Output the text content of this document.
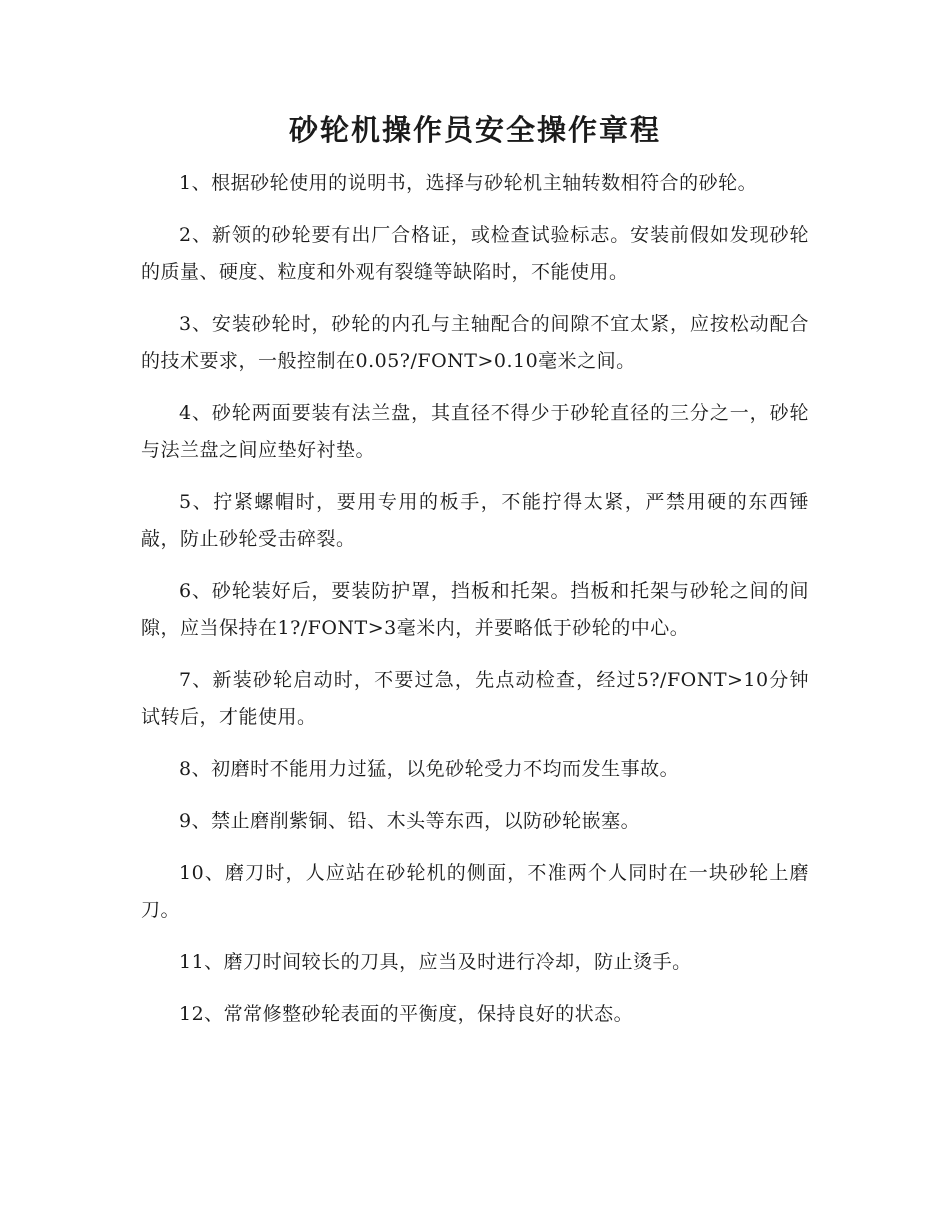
砂轮机操作员安全操作章程

1、根据砂轮使用的说明书，选择与砂轮机主轴转数相符合的砂轮。

2、新领的砂轮要有出厂合格证，或检查试验标志。安装前假如发现砂轮的质量、硬度、粒度和外观有裂缝等缺陷时，不能使用。

3、安装砂轮时，砂轮的内孔与主轴配合的间隙不宜太紧，应按松动配合的技术要求，一般控制在0.05?/FONT>0.10毫米之间。

4、砂轮两面要装有法兰盘，其直径不得少于砂轮直径的三分之一，砂轮与法兰盘之间应垫好衬垫。

5、拧紧螺帽时，要用专用的板手，不能拧得太紧，严禁用硬的东西锤敲，防止砂轮受击碎裂。

6、砂轮装好后，要装防护罩，挡板和托架。挡板和托架与砂轮之间的间隙，应当保持在1?/FONT>3毫米内，并要略低于砂轮的中心。

7、新装砂轮启动时，不要过急，先点动检查，经过5?/FONT>10分钟试转后，才能使用。

8、初磨时不能用力过猛，以免砂轮受力不均而发生事故。

9、禁止磨削紫铜、铅、木头等东西，以防砂轮嵌塞。

10、磨刀时，人应站在砂轮机的侧面，不准两个人同时在一块砂轮上磨刀。

11、磨刀时间较长的刀具，应当及时进行冷却，防止烫手。

12、常常修整砂轮表面的平衡度，保持良好的状态。
